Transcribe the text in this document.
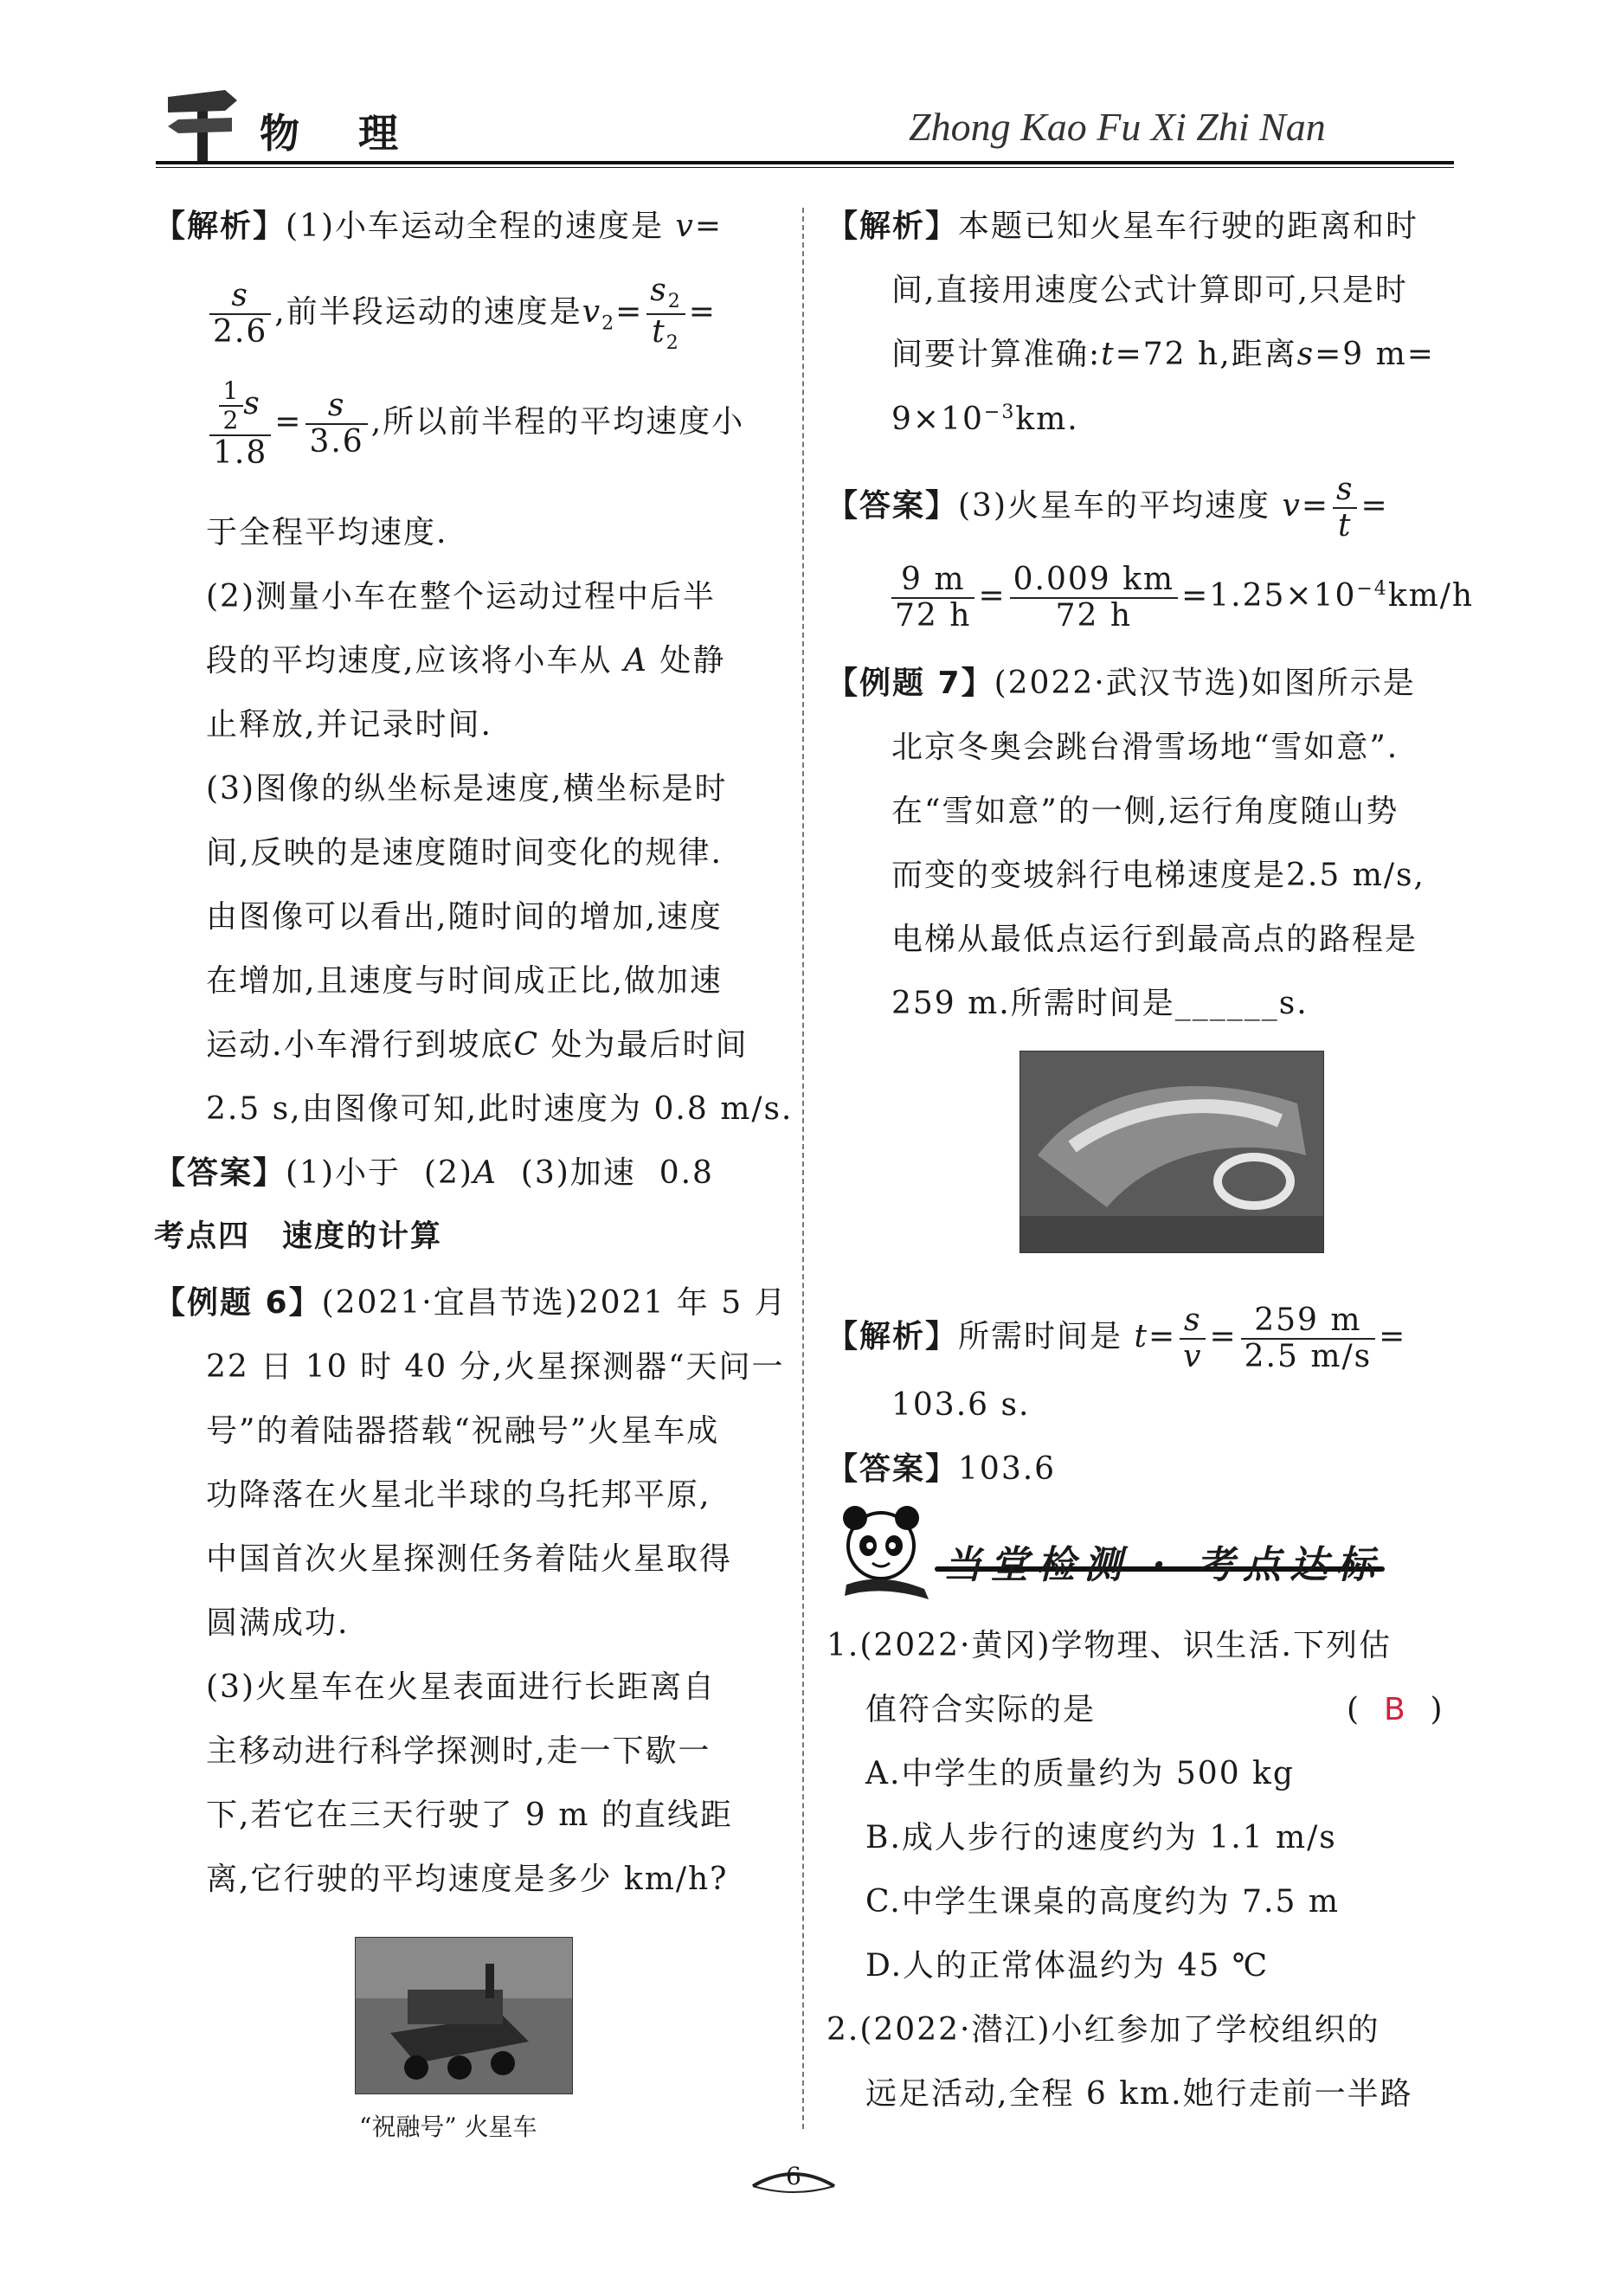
物 理	Zhong Kao Fu Xi Zhi Nan
【解析】(1)小车运动全程的速度是 v=
$\frac{s}{2.6}$ ,前半段运动的速度是$v_2= \frac{s_2}{t_2}$ =
$\frac{\frac{1}{2} s}{1.8} = \frac{s}{3.6}$ ,所以前半程的平均速度小
于全程平均速度.
(2)测量小车在整个运动过程中后半
段的平均速度,应该将小车从 A 处静
止释放,并记录时间.
(3)图像的纵坐标是速度,横坐标是时
间,反映的是速度随时间变化的规律.
由图像可以看出,随时间的增加,速度
在增加,且速度与时间成正比,做加速
运动.小车滑行到坡底C 处为最后时间
2.5 s,由图像可知,此时速度为 0.8 m/s.
【答案】(1)小于 (2)A (3)加速 0.8
考点四　速度的计算
【例题 6】(2021·宜昌节选)2021 年 5 月
22 日 10 时 40 分,火星探测器“天问一
号”的着陆器搭载“祝融号”火星车成
功降落在火星北半球的乌托邦平原,
中国首次火星探测任务着陆火星取得
圆满成功.
(3)火星车在火星表面进行长距离自
主移动进行科学探测时,走一下歇一
下,若它在三天行驶了 9 m 的直线距
离,它行驶的平均速度是多少 km/h?
“祝融号” 火星车
【解析】本题已知火星车行驶的距离和时
间,直接用速度公式计算即可,只是时
间要计算准确:t=72 h,距离s=9 m=
$9\times 10^{-3}km$.
【答案】(3)火星车的平均速度 $v= \frac{s}{t}$ =
$\frac{9 m}{72 h} = \frac{0.009 km}{72 h} =1.25\times 10^{-4}km/h$
【例题 7】(2022·武汉节选)如图所示是
北京冬奥会跳台滑雪场地“雪如意”.
在“雪如意”的一侧,运行角度随山势
而变的变坡斜行电梯速度是2.5 m/s,
电梯从最低点运行到最高点的路程是
259 m.所需时间是______s.
【解析】所需时间是 $t= \frac{s}{v} = \frac{259 m}{2.5 m/s}$ =
103.6 s.
【答案】103.6
当堂检测 · 考点达标
1.(2022·黄冈)学物理、识生活.下列估
值符合实际的是	( B )
A.中学生的质量约为 500 kg
B.成人步行的速度约为 1.1 m/s
C.中学生课桌的高度约为 7.5 m
D.人的正常体温约为 45 ℃
2.(2022·潜江)小红参加了学校组织的
远足活动,全程 6 km.她行走前一半路
6
